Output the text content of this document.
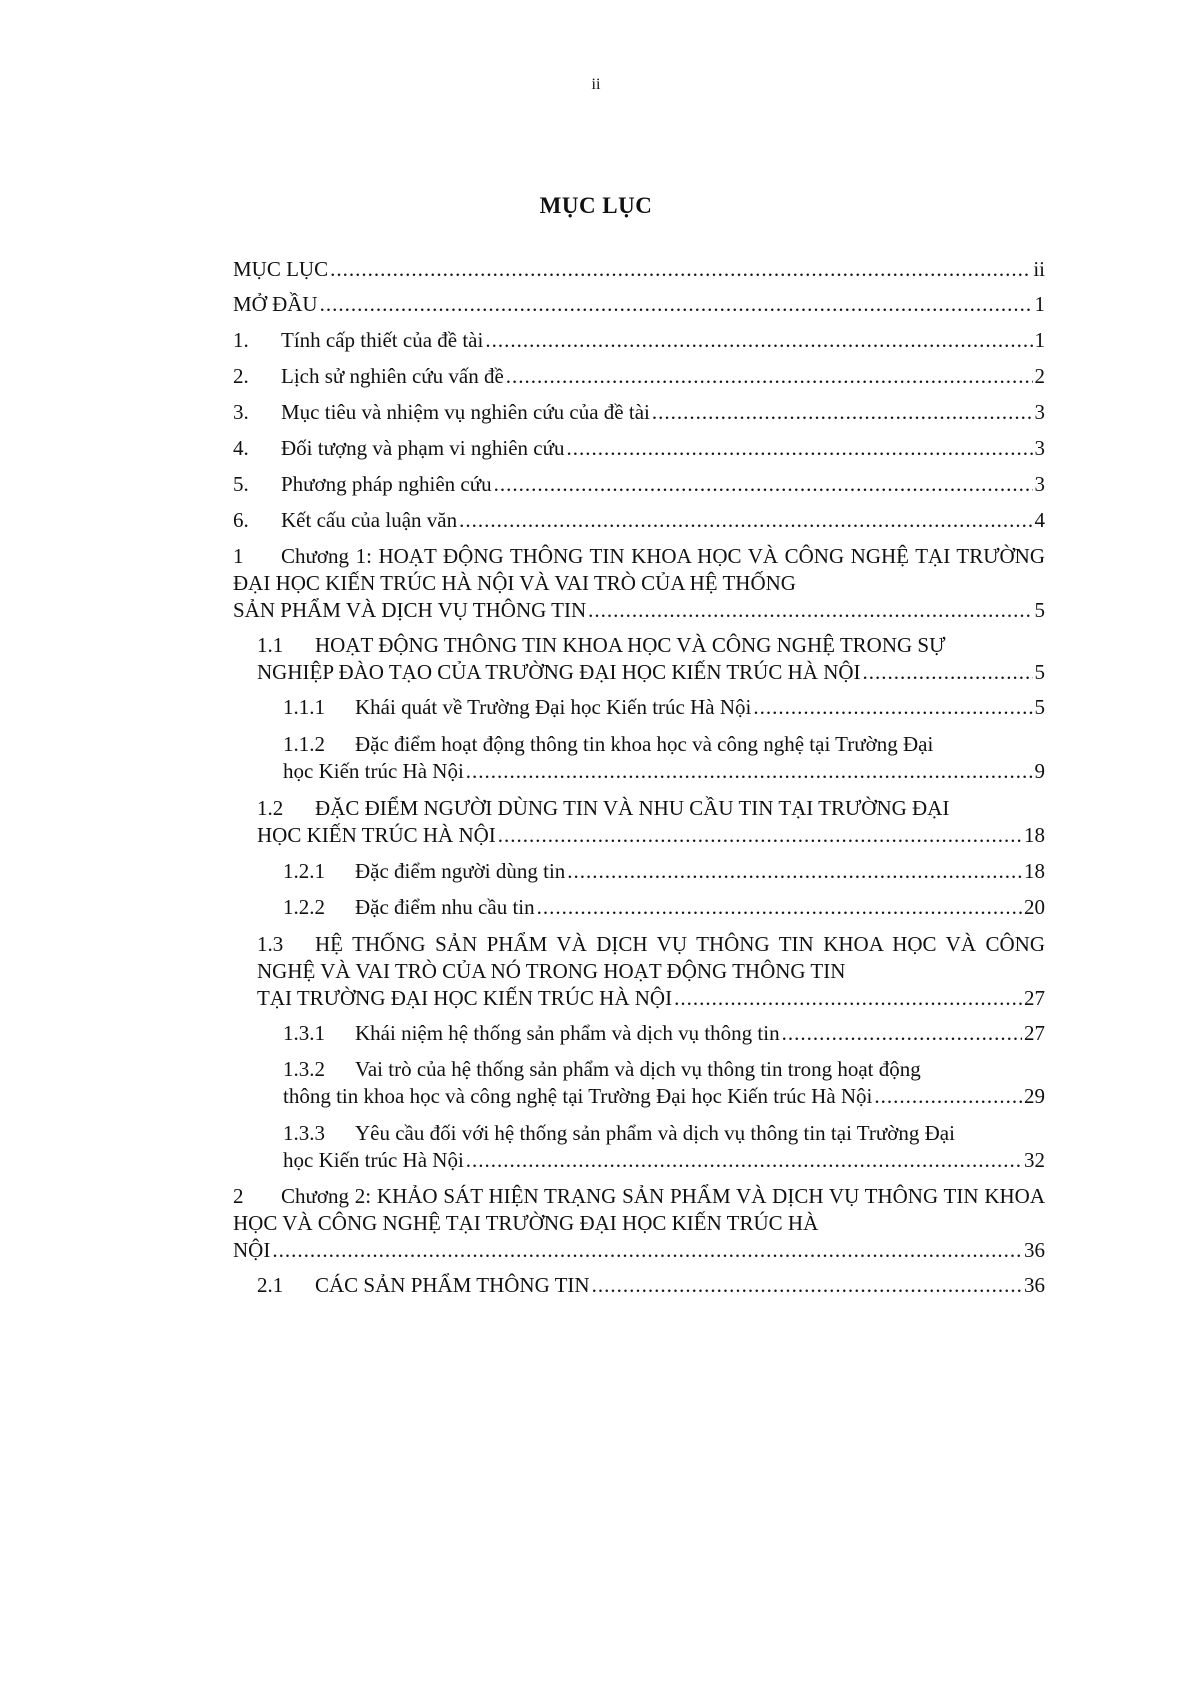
ii
MỤC LỤC
MỤC LỤC .....	ii
MỞ ĐẦU .....	1
1. Tính cấp thiết của đề tài .....	1
2. Lịch sử nghiên cứu vấn đề .....	2
3. Mục tiêu và nhiệm vụ nghiên cứu của đề tài .....	3
4. Đối tượng và phạm vi nghiên cứu .....	3
5. Phương pháp nghiên cứu .....	3
6. Kết cấu của luận văn .....	4
1 Chương 1: HOẠT ĐỘNG THÔNG TIN KHOA HỌC VÀ CÔNG NGHỆ TẠI TRƯỜNG ĐẠI HỌC KIẾN TRÚC HÀ NỘI VÀ VAI TRÒ CỦA HỆ THỐNG
SẢN PHẨM VÀ DỊCH VỤ THÔNG TIN .....	5
1.1 HOẠT ĐỘNG THÔNG TIN KHOA HỌC VÀ CÔNG NGHỆ TRONG SỰ
NGHIỆP ĐÀO TẠO CỦA TRƯỜNG ĐẠI HỌC KIẾN TRÚC HÀ NỘI .....	5
1.1.1 Khái quát về Trường Đại học Kiến trúc Hà Nội .....	5
1.1.2 Đặc điểm hoạt động thông tin khoa học và công nghệ tại Trường Đại
học Kiến trúc Hà Nội .....	9
1.2 ĐẶC ĐIỂM NGƯỜI DÙNG TIN VÀ NHU CẦU TIN TẠI TRƯỜNG ĐẠI
HỌC KIẾN TRÚC HÀ NỘI .....	18
1.2.1 Đặc điểm người dùng tin .....	18
1.2.2 Đặc điểm nhu cầu tin .....	20
1.3 HỆ THỐNG SẢN PHẨM VÀ DỊCH VỤ THÔNG TIN KHOA HỌC VÀ CÔNG NGHỆ VÀ VAI TRÒ CỦA NÓ TRONG HOẠT ĐỘNG THÔNG TIN
TẠI TRƯỜNG ĐẠI HỌC KIẾN TRÚC HÀ NỘI .....	27
1.3.1 Khái niệm hệ thống sản phẩm và dịch vụ thông tin .....	27
1.3.2 Vai trò của hệ thống sản phẩm và dịch vụ thông tin trong hoạt động
thông tin khoa học và công nghệ tại Trường Đại học Kiến trúc Hà Nội .....	29
1.3.3 Yêu cầu đối với hệ thống sản phẩm và dịch vụ thông tin tại Trường Đại
học Kiến trúc Hà Nội .....	32
2 Chương 2: KHẢO SÁT HIỆN TRẠNG SẢN PHẨM VÀ DỊCH VỤ THÔNG TIN KHOA HỌC VÀ CÔNG NGHỆ TẠI TRƯỜNG ĐẠI HỌC KIẾN TRÚC HÀ
NỘI .....	36
2.1 CÁC SẢN PHẨM THÔNG TIN .....	36
